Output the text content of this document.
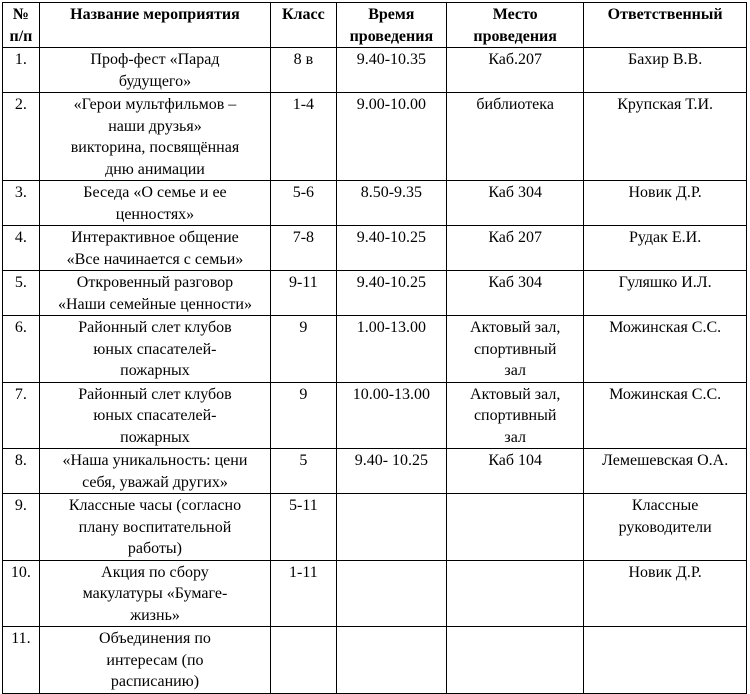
№
п/п	Название мероприятия	Класс	Время
проведения	Место
проведения	Ответственный

1.	Проф-фест «Парад
будущего»	8 в	9.40-10.35	Каб.207	Бахир В.В.

2.	«Герои мультфильмов –
наши друзья»
викторина, посвящённая
дню анимации	1-4	9.00-10.00	библиотека	Крупская Т.И.

3.	Беседа «О семье и ее
ценностях»	5-6	8.50-9.35	Каб 304	Новик Д.Р.

4.	Интерактивное общение
«Все начинается с семьи»	7-8	9.40-10.25	Каб 207	Рудак Е.И.

5.	Откровенный разговор
«Наши семейные ценности»	9-11	9.40-10.25	Каб 304	Гуляшко И.Л.

6.	Районный слет клубов
юных спасателей-
пожарных	9	1.00-13.00	Актовый зал,
спортивный
зал	Можинская С.С.

7.	Районный слет клубов
юных спасателей-
пожарных	9	10.00-13.00	Актовый зал,
спортивный
зал	Можинская С.С.

8.	«Наша уникальность: цени
себя, уважай других»	5	9.40- 10.25	Каб 104	Лемешевская О.А.

9.	Классные часы (согласно
плану воспитательной
работы)	5-11			Классные
руководители

10.	Акция по сбору
макулатуры «Бумаге-
жизнь»	1-11			Новик Д.Р.

11.	Объединения по
интересам (по
расписанию)				
